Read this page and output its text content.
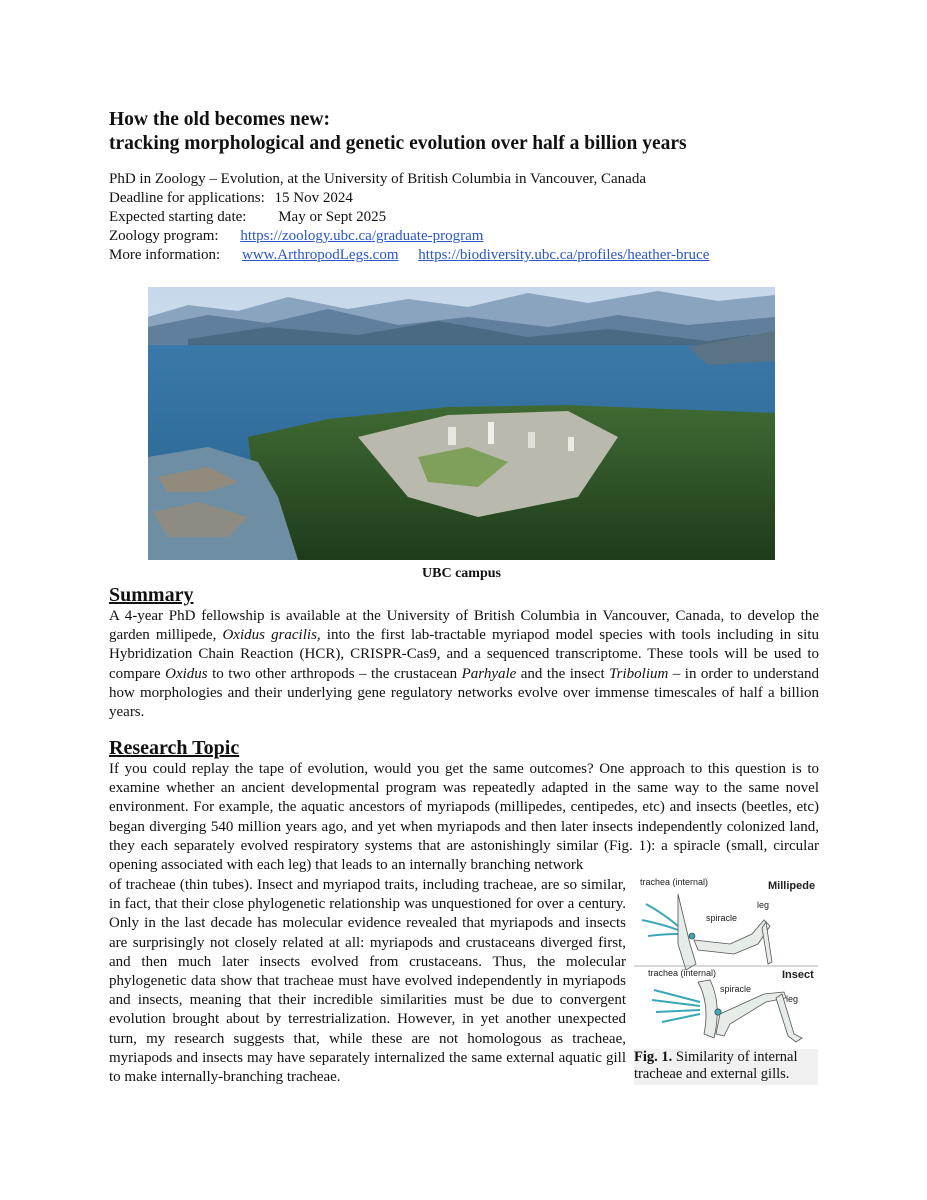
How the old becomes new:
tracking morphological and genetic evolution over half a billion years

PhD in Zoology – Evolution, at the University of British Columbia in Vancouver, Canada
Deadline for applications: 15 Nov 2024
Expected starting date: May or Sept 2025
Zoology program: https://zoology.ubc.ca/graduate-program
More information: www.ArthropodLegs.com https://biodiversity.ubc.ca/profiles/heather-bruce
UBC campus

Summary

A 4-year PhD fellowship is available at the University of British Columbia in Vancouver, Canada, to develop the garden millipede, Oxidus gracilis, into the first lab-tractable myriapod model species with tools including in situ Hybridization Chain Reaction (HCR), CRISPR-Cas9, and a sequenced transcriptome. These tools will be used to compare Oxidus to two other arthropods – the crustacean Parhyale and the insect Tribolium – in order to understand how morphologies and their underlying gene regulatory networks evolve over immense timescales of half a billion years.

Research Topic

If you could replay the tape of evolution, would you get the same outcomes? One approach to this question is to examine whether an ancient developmental program was repeatedly adapted in the same way to the same novel environment. For example, the aquatic ancestors of myriapods (millipedes, centipedes, etc) and insects (beetles, etc) began diverging 540 million years ago, and yet when myriapods and then later insects independently colonized land, they each separately evolved respiratory systems that are astonishingly similar (Fig. 1): a spiracle (small, circular opening associated with each leg) that leads to an internally branching network

of tracheae (thin tubes). Insect and myriapod traits, including tracheae, are so similar, in fact, that their close phylogenetic relationship was unquestioned for over a century. Only in the last decade has molecular evidence revealed that myriapods and insects are surprisingly not closely related at all: myriapods and crustaceans diverged first, and then much later insects evolved from crustaceans. Thus, the molecular phylogenetic data show that tracheae must have evolved independently in myriapods and insects, meaning that their incredible similarities must be due to convergent evolution brought about by terrestrialization. However, in yet another unexpected turn, my research suggests that, while these are not homologous as tracheae, myriapods and insects may have separately internalized the same external aquatic gill to make internally-branching tracheae.

trachea (internal)	Millipede
spiracle
leg
trachea (internal)	Insect
spiracle
leg
Fig. 1. Similarity of internal tracheae and external gills.
